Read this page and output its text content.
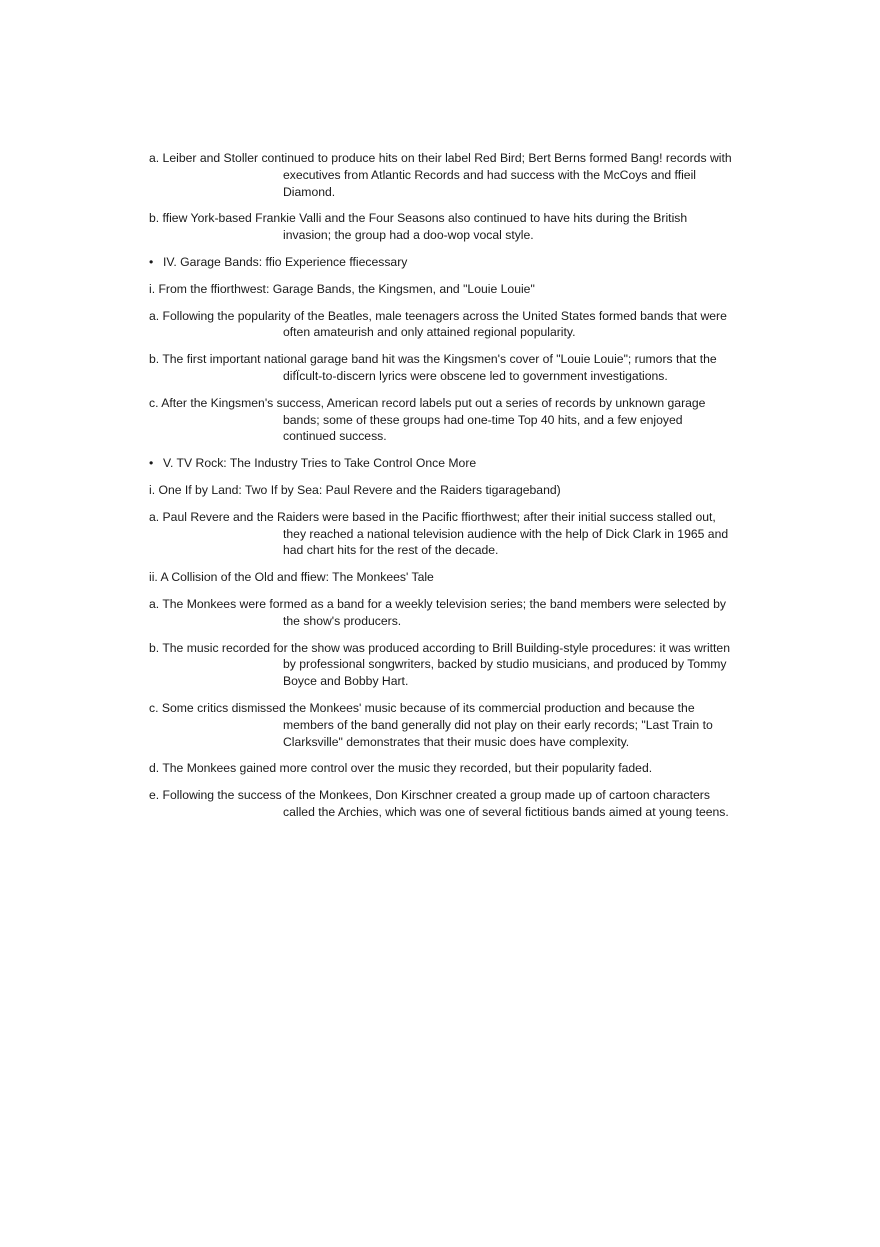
a. Leiber and Stoller continued to produce hits on their label Red Bird; Bert Berns formed Bang! records with executives from Atlantic Records and had success with the McCoys and ffieil Diamond.

b. ffiew York-based Frankie Valli and the Four Seasons also continued to have hits during the British invasion; the group had a doo-wop vocal style.

• IV. Garage Bands: ffio Experience ffiecessary

i. From the ffiorthwest: Garage Bands, the Kingsmen, and "Louie Louie"

a. Following the popularity of the Beatles, male teenagers across the United States formed bands that were often amateurish and only attained regional popularity.

b. The first important national garage band hit was the Kingsmen's cover of "Louie Louie"; rumors that the difÏcult-to-discern lyrics were obscene led to government investigations.

c. After the Kingsmen's success, American record labels put out a series of records by unknown garage bands; some of these groups had one-time Top 40 hits, and a few enjoyed continued success.

• V. TV Rock: The Industry Tries to Take Control Once More

i. One If by Land: Two If by Sea: Paul Revere and the Raiders tigarageband)

a. Paul Revere and the Raiders were based in the Pacific ffiorthwest; after their initial success stalled out, they reached a national television audience with the help of Dick Clark in 1965 and had chart hits for the rest of the decade.

ii. A Collision of the Old and ffiew: The Monkees' Tale

a. The Monkees were formed as a band for a weekly television series; the band members were selected by the show's producers.

b. The music recorded for the show was produced according to Brill Building-style procedures: it was written by professional songwriters, backed by studio musicians, and produced by Tommy Boyce and Bobby Hart.

c. Some critics dismissed the Monkees' music because of its commercial production and because the members of the band generally did not play on their early records; "Last Train to Clarksville" demonstrates that their music does have complexity.

d. The Monkees gained more control over the music they recorded, but their popularity faded.

e. Following the success of the Monkees, Don Kirschner created a group made up of cartoon characters called the Archies, which was one of several fictitious bands aimed at young teens.
